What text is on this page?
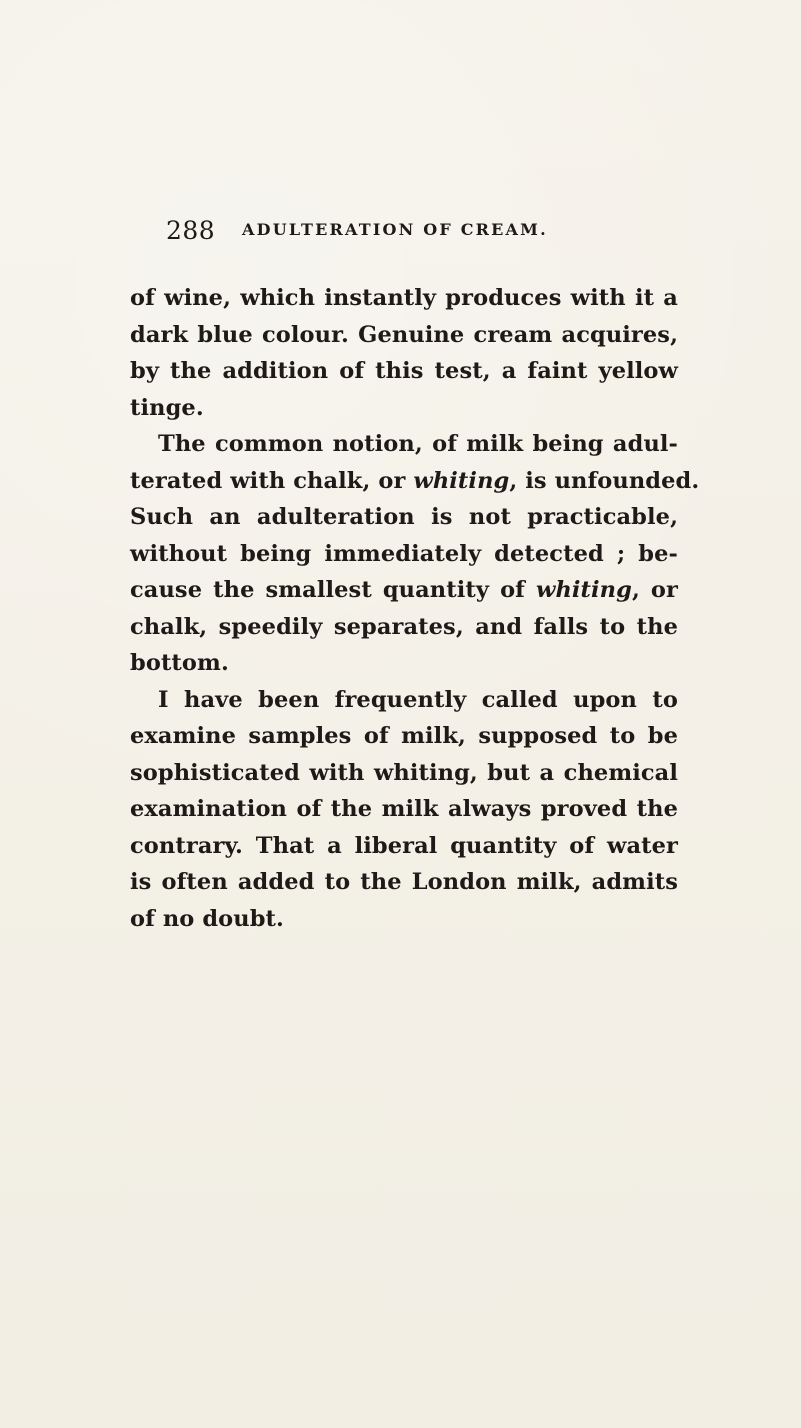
288 ADULTERATION OF CREAM.
of wine, which instantly produces with it a
dark blue colour. Genuine cream acquires,
by the addition of this test, a faint yellow
tinge.
The common notion, of milk being adul-
terated with chalk, or whiting, is unfounded.
Such an adulteration is not practicable,
without being immediately detected ; be-
cause the smallest quantity of whiting, or
chalk, speedily separates, and falls to the
bottom.
I have been frequently called upon to
examine samples of milk, supposed to be
sophisticated with whiting, but a chemical
examination of the milk always proved the
contrary. That a liberal quantity of water
is often added to the London milk, admits
of no doubt.
